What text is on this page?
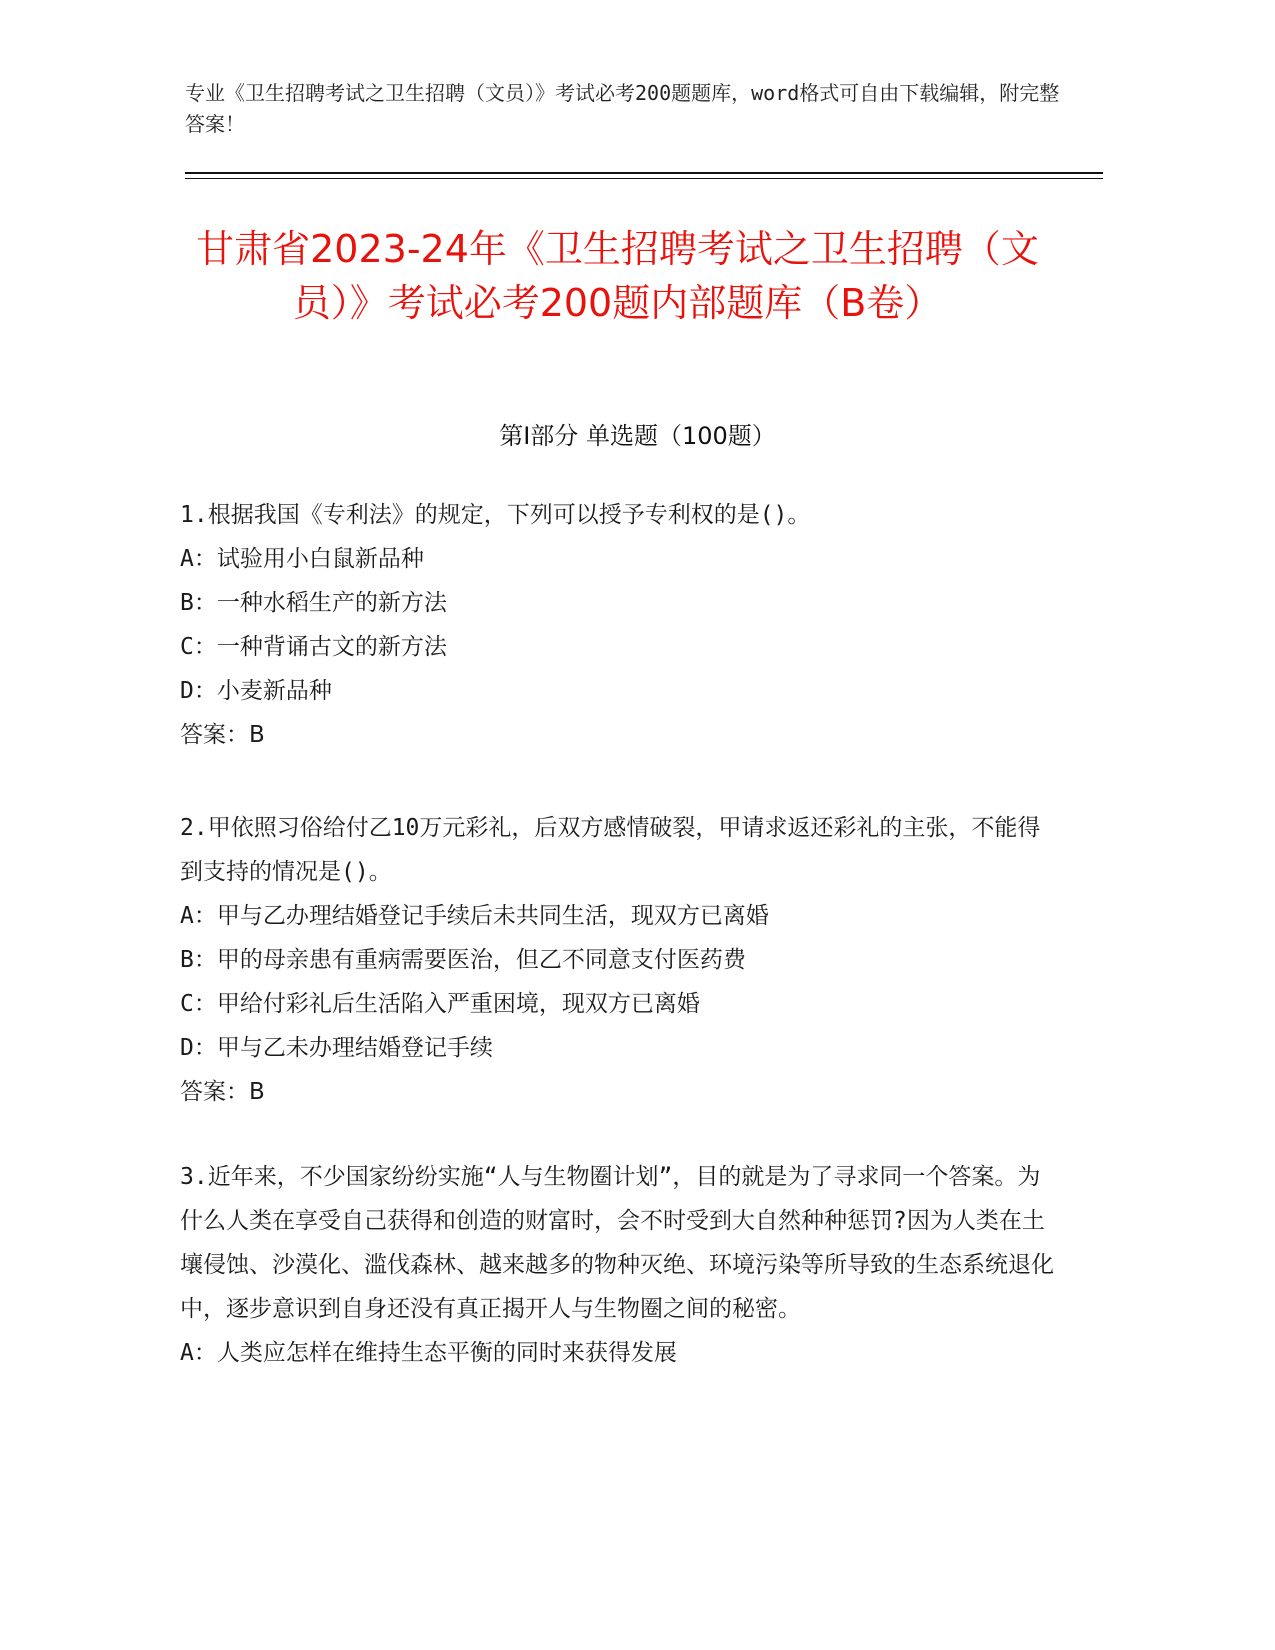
专业《卫生招聘考试之卫生招聘（文员）》考试必考200题题库，word格式可自由下载编辑，附完整答案！
甘肃省2023-24年《卫生招聘考试之卫生招聘（文员）》考试必考200题内部题库（B卷）
第Ⅰ部分 单选题（100题）
1.根据我国《专利法》的规定，下列可以授予专利权的是()。
A：试验用小白鼠新品种
B：一种水稻生产的新方法
C：一种背诵古文的新方法
D：小麦新品种
答案：B
2.甲依照习俗给付乙10万元彩礼，后双方感情破裂，甲请求返还彩礼的主张，不能得到支持的情况是()。
A：甲与乙办理结婚登记手续后未共同生活，现双方已离婚
B：甲的母亲患有重病需要医治，但乙不同意支付医药费
C：甲给付彩礼后生活陷入严重困境，现双方已离婚
D：甲与乙未办理结婚登记手续
答案：B
3.近年来，不少国家纷纷实施“人与生物圈计划”，目的就是为了寻求同一个答案。为什么人类在享受自己获得和创造的财富时，会不时受到大自然种种惩罚?因为人类在土壤侵蚀、沙漠化、滥伐森林、越来越多的物种灭绝、环境污染等所导致的生态系统退化中，逐步意识到自身还没有真正揭开人与生物圈之间的秘密。
A：人类应怎样在维持生态平衡的同时来获得发展
